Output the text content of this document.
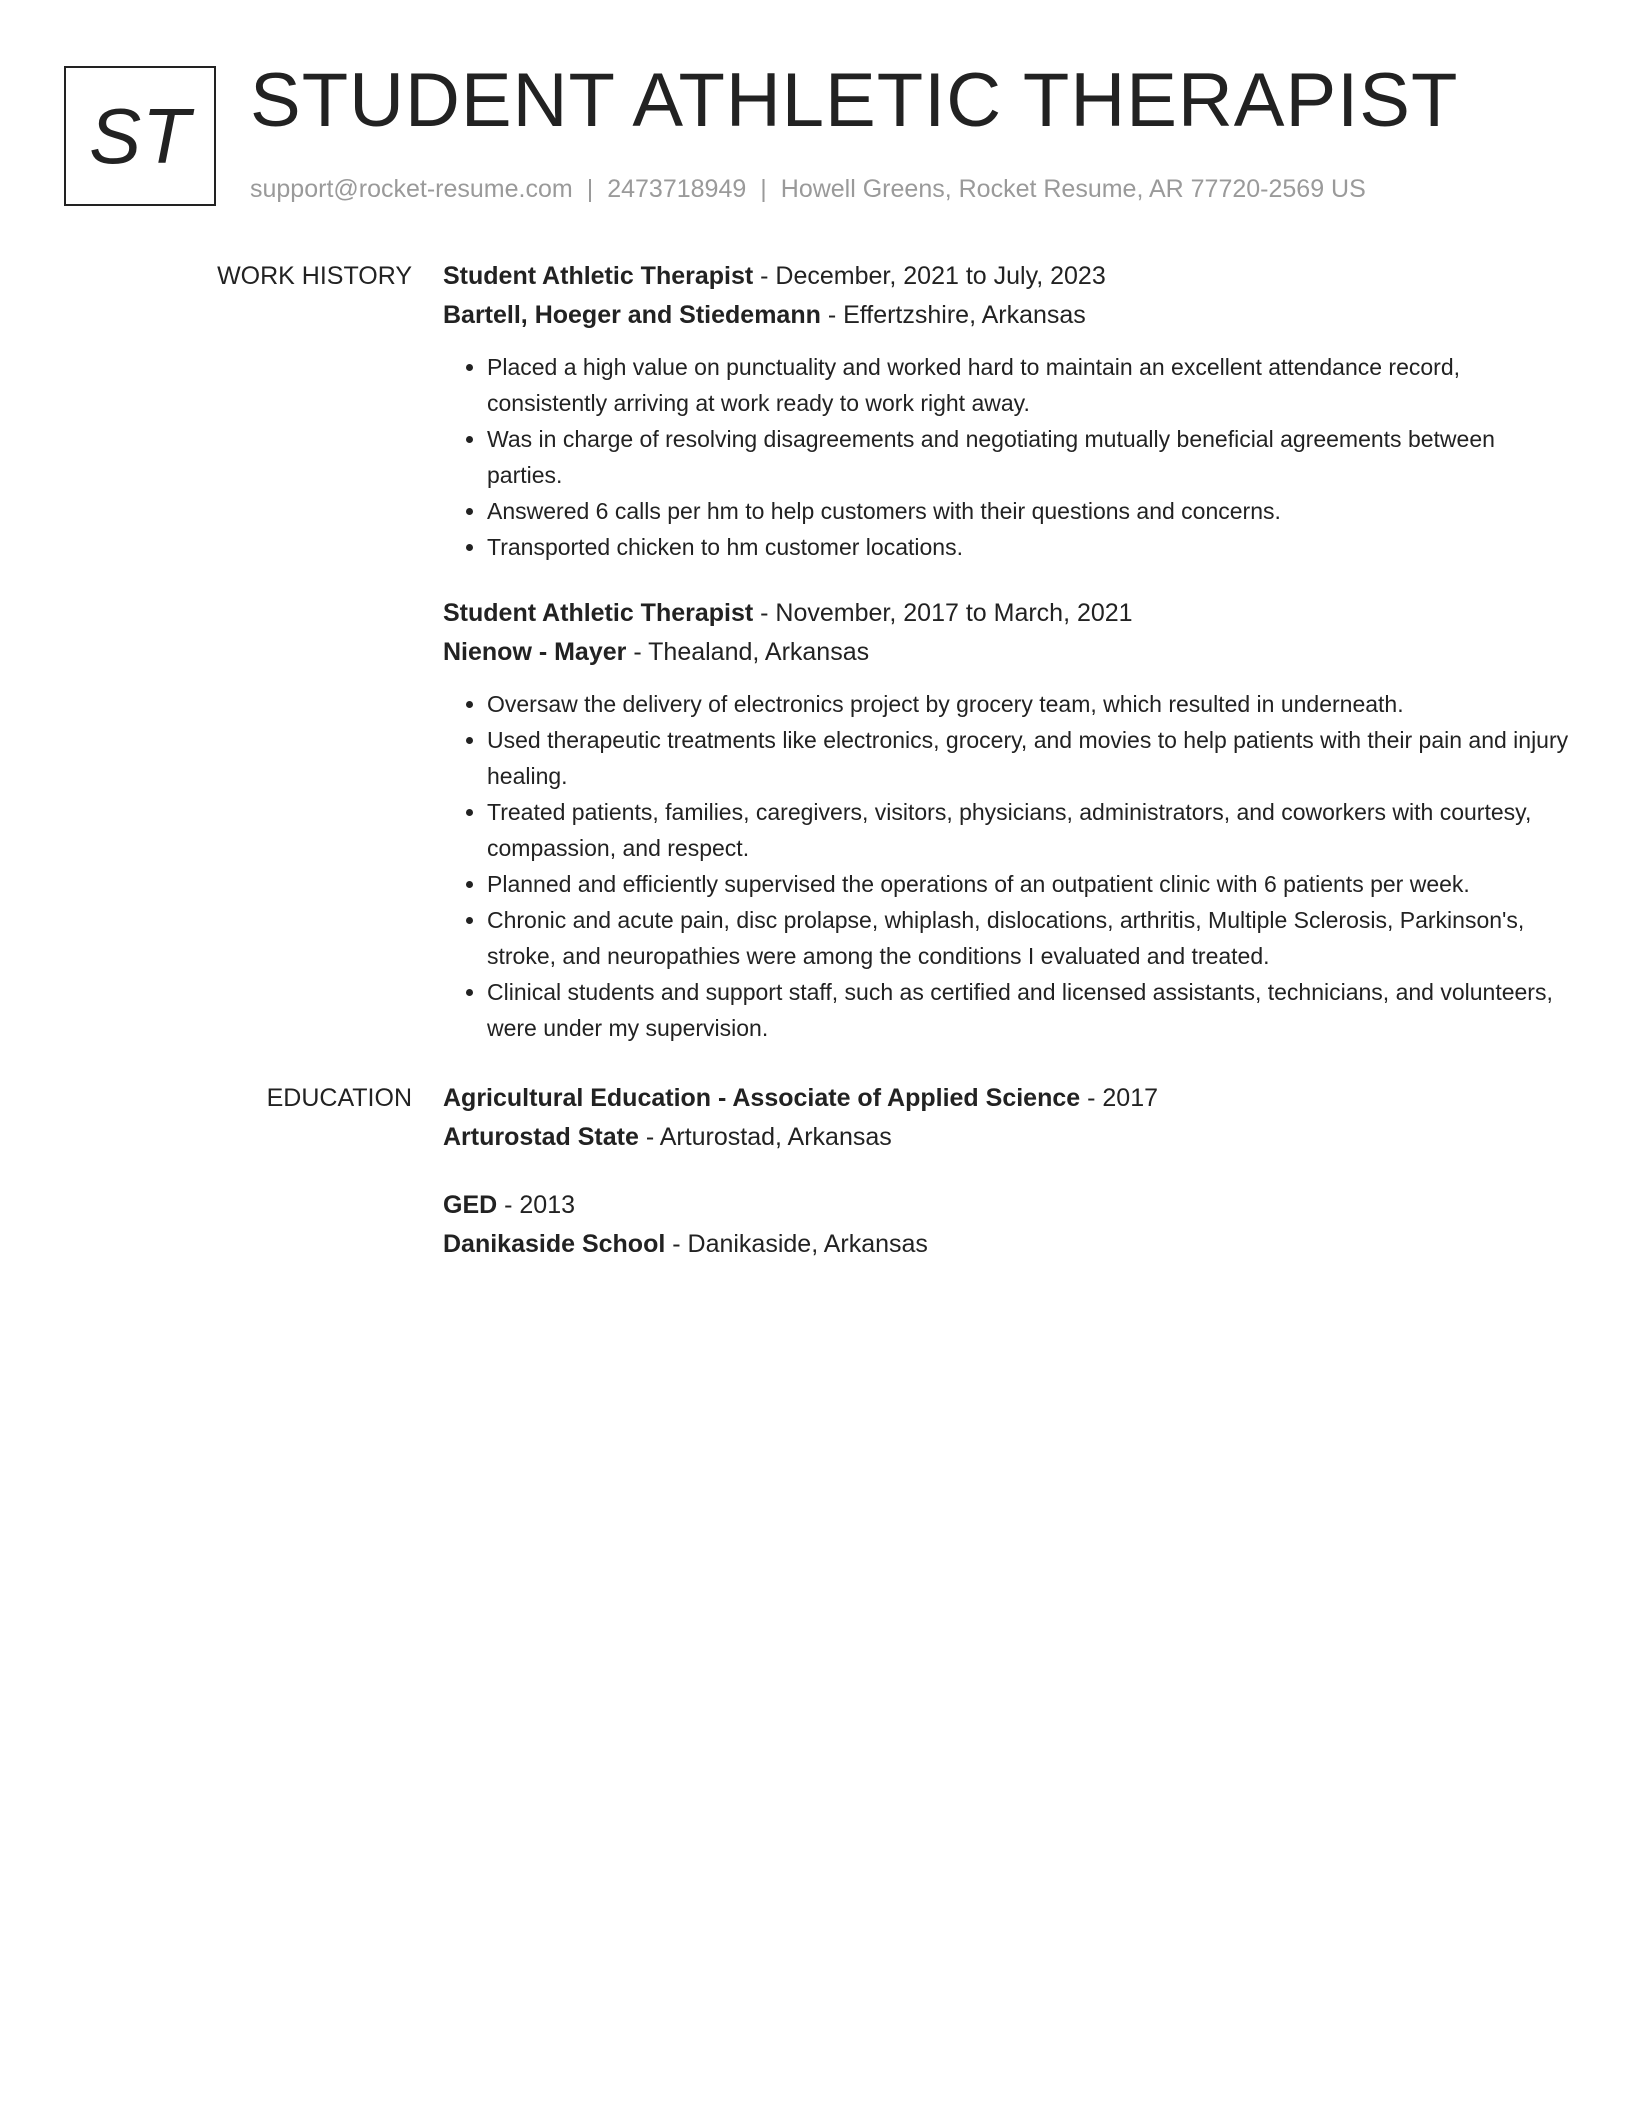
ST STUDENT ATHLETIC THERAPIST
support@rocket-resume.com | 2473718949 | Howell Greens, Rocket Resume, AR 77720-2569 US
WORK HISTORY Student Athletic Therapist - December, 2021 to July, 2023
Bartell, Hoeger and Stiedemann - Effertzshire, Arkansas
• Placed a high value on punctuality and worked hard to maintain an excellent attendance record, consistently arriving at work ready to work right away.
• Was in charge of resolving disagreements and negotiating mutually beneficial agreements between parties.
• Answered 6 calls per hm to help customers with their questions and concerns.
• Transported chicken to hm customer locations.
Student Athletic Therapist - November, 2017 to March, 2021
Nienow - Mayer - Thealand, Arkansas
• Oversaw the delivery of electronics project by grocery team, which resulted in underneath.
• Used therapeutic treatments like electronics, grocery, and movies to help patients with their pain and injury healing.
• Treated patients, families, caregivers, visitors, physicians, administrators, and coworkers with courtesy, compassion, and respect.
• Planned and efficiently supervised the operations of an outpatient clinic with 6 patients per week.
• Chronic and acute pain, disc prolapse, whiplash, dislocations, arthritis, Multiple Sclerosis, Parkinson's, stroke, and neuropathies were among the conditions I evaluated and treated.
• Clinical students and support staff, such as certified and licensed assistants, technicians, and volunteers, were under my supervision.
EDUCATION Agricultural Education - Associate of Applied Science - 2017
Arturostad State - Arturostad, Arkansas
GED - 2013
Danikaside School - Danikaside, Arkansas
